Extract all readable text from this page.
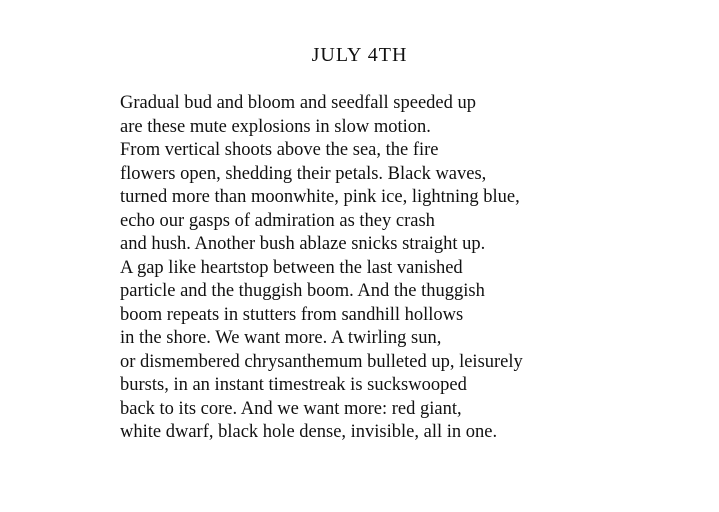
JULY 4TH
Gradual bud and bloom and seedfall speeded up
are these mute explosions in slow motion.
From vertical shoots above the sea, the fire
flowers open, shedding their petals. Black waves,
turned more than moonwhite, pink ice, lightning blue,
echo our gasps of admiration as they crash
and hush. Another bush ablaze snicks straight up.
A gap like heartstop between the last vanished
particle and the thuggish boom. And the thuggish
boom repeats in stutters from sandhill hollows
in the shore. We want more. A twirling sun,
or dismembered chrysanthemum bulleted up, leisurely
bursts, in an instant timestreak is suckswooped
back to its core. And we want more: red giant,
white dwarf, black hole dense, invisible, all in one.
